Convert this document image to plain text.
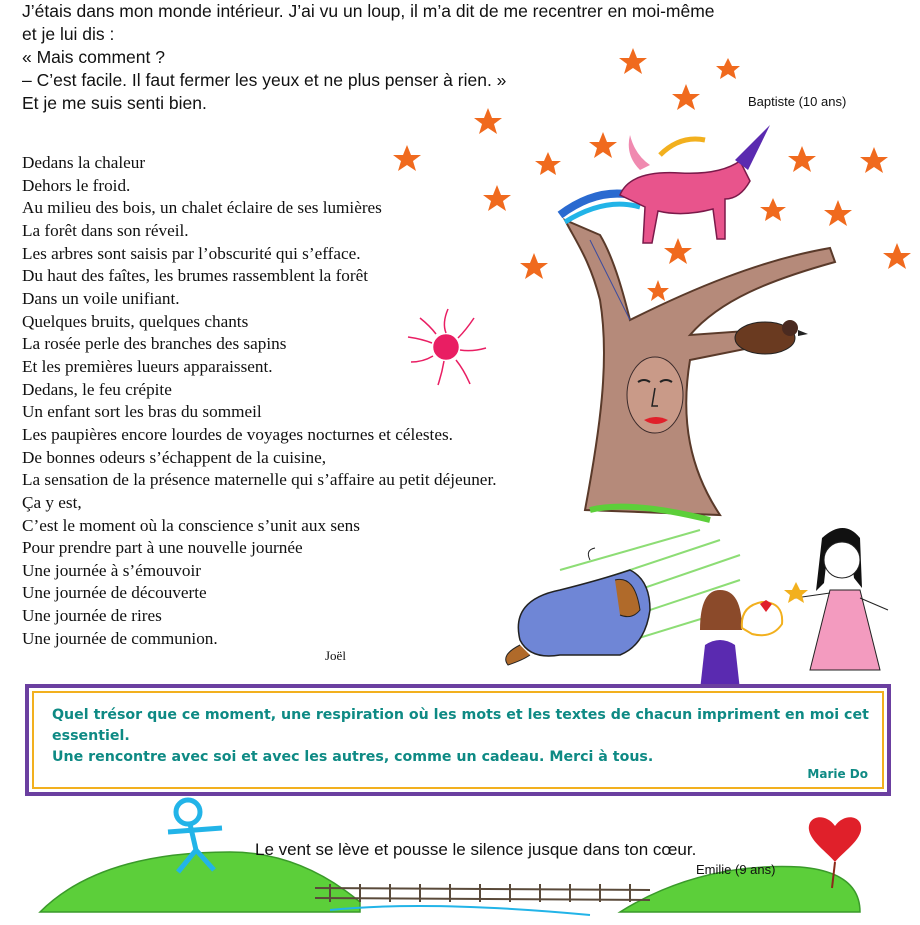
J’étais dans mon monde intérieur. J’ai vu un loup, il m’a dit de me recentrer en moi-même
et je lui dis :
« Mais comment ?
– C’est facile. Il faut fermer les yeux et ne plus penser à rien. »
Et je me suis senti bien.	Baptiste (10 ans)
Dedans la chaleur
Dehors le froid.
Au milieu des bois, un chalet éclaire de ses lumières
La forêt dans son réveil.
Les arbres sont saisis par l’obscurité qui s’efface.
Du haut des faîtes, les brumes rassemblent la forêt
Dans un voile unifiant.
Quelques bruits, quelques chants
La rosée perle des branches des sapins
Et les premières lueurs apparaissent.
Dedans, le feu crépite
Un enfant sort les bras du sommeil
Les paupières encore lourdes de voyages nocturnes et célestes.
De bonnes odeurs s’échappent de la cuisine,
La sensation de la présence maternelle qui s’affaire au petit déjeuner.
Ça y est,
C’est le moment où la conscience s’unit aux sens
Pour prendre part à une nouvelle journée
Une journée à s’émouvoir
Une journée de découverte
Une journée de rires
Une journée de communion.
Joël
Quel trésor que ce moment, une respiration où les mots et les textes de chacun impriment en moi cet essentiel.
Une rencontre avec soi et avec les autres, comme un cadeau. Merci à tous.
Marie Do
Le vent se lève et pousse le silence jusque dans ton cœur.
Emilie (9 ans)
